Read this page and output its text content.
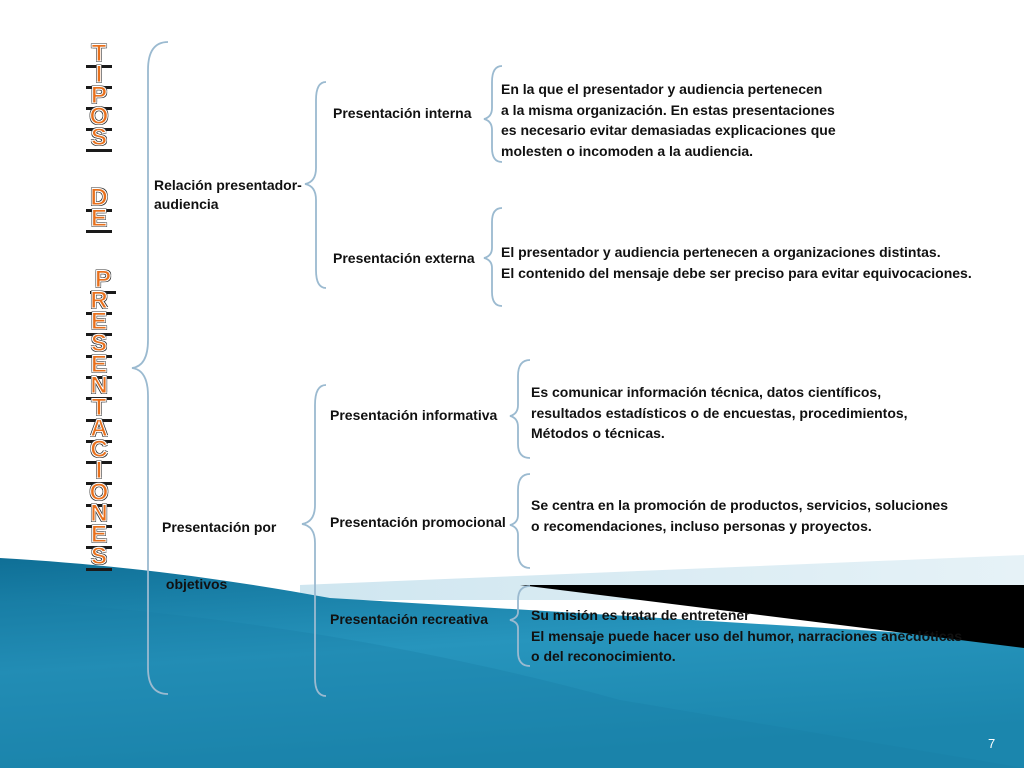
T
I
P
O
S
D
E
P
R
E
S
E
N
T
A
C
I
O
N
E
S
Relación presentador-
audiencia

Presentación por

objetivos

Presentación interna
Presentación externa
Presentación informativa
Presentación promocional
Presentación recreativa
En la que el presentador y audiencia pertenecen
a la misma organización. En estas presentaciones
es necesario evitar demasiadas explicaciones que
molesten o incomoden a la audiencia.
El presentador y audiencia pertenecen a organizaciones distintas.
El contenido del mensaje debe ser preciso para evitar equivocaciones.
Es comunicar información técnica, datos científicos,
resultados estadísticos o de encuestas, procedimientos,
Métodos o técnicas.
Se centra en la promoción de productos, servicios, soluciones
o recomendaciones, incluso personas y proyectos.
Su misión es tratar de entretener
El mensaje puede hacer uso del humor, narraciones anecdóticas
o del reconocimiento.
7
